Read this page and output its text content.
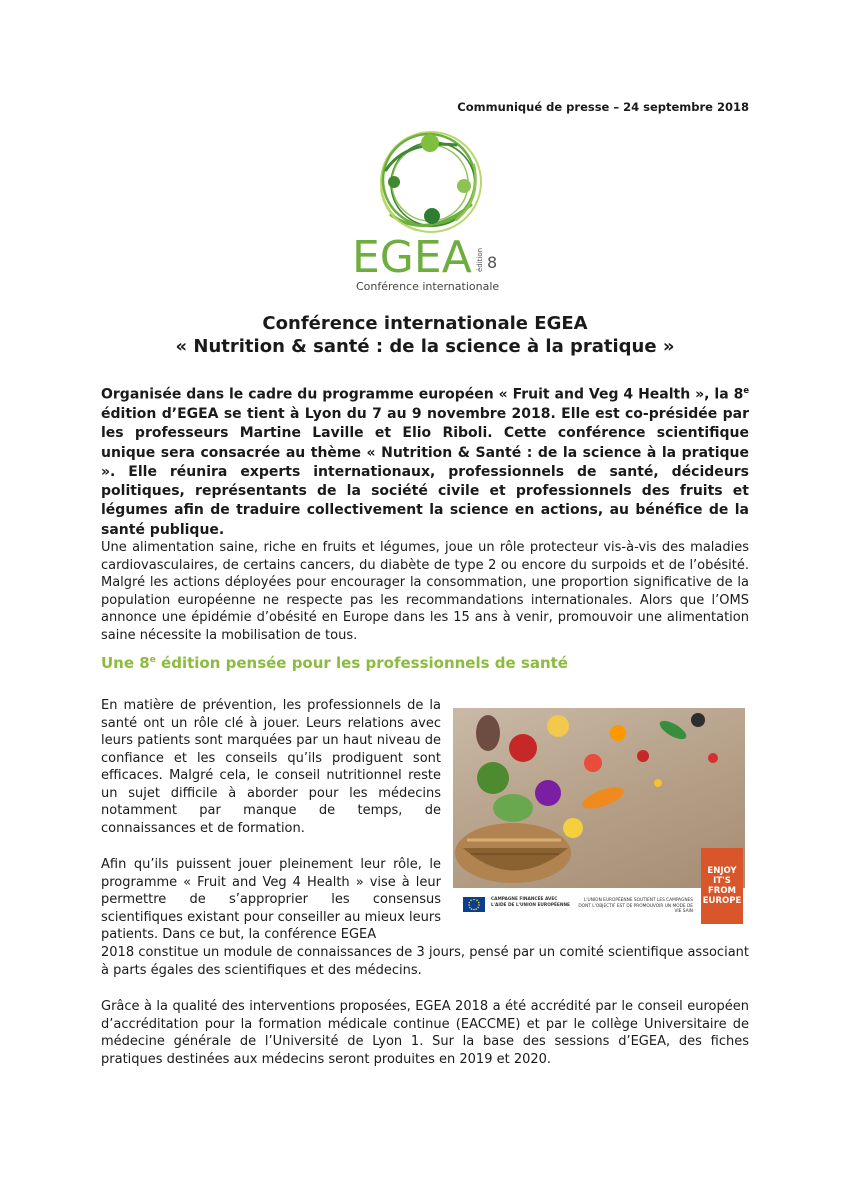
Communiqué de presse – 24 septembre 2018
EGEA 8
édition
Conférence internationale
Conférence internationale EGEA
« Nutrition & santé : de la science à la pratique »
Organisée dans le cadre du programme européen « Fruit and Veg 4 Health », la 8e édition d’EGEA se tient à Lyon du 7 au 9 novembre 2018. Elle est co-présidée par les professeurs Martine Laville et Elio Riboli. Cette conférence scientifique unique sera consacrée au thème « Nutrition & Santé : de la science à la pratique ». Elle réunira experts internationaux, professionnels de santé, décideurs politiques, représentants de la société civile et professionnels des fruits et légumes afin de traduire collectivement la science en actions, au bénéfice de la santé publique.
Une alimentation saine, riche en fruits et légumes, joue un rôle protecteur vis-à-vis des maladies cardiovasculaires, de certains cancers, du diabète de type 2 ou encore du surpoids et de l’obésité. Malgré les actions déployées pour encourager la consommation, une proportion significative de la population européenne ne respecte pas les recommandations internationales. Alors que l’OMS annonce une épidémie d’obésité en Europe dans les 15 ans à venir, promouvoir une alimentation saine nécessite la mobilisation de tous.
Une 8e édition pensée pour les professionnels de santé
En matière de prévention, les professionnels de la santé ont un rôle clé à jouer. Leurs relations avec leurs patients sont marquées par un haut niveau de confiance et les conseils qu’ils prodiguent sont efficaces. Malgré cela, le conseil nutritionnel reste un sujet difficile à aborder pour les médecins notamment par manque de temps, de connaissances et de formation.
Afin qu’ils puissent jouer pleinement leur rôle, le programme « Fruit and Veg 4 Health » vise à leur permettre de s’approprier les consensus scientifiques existant pour conseiller au mieux leurs patients. Dans ce but, la conférence EGEA
2018 constitue un module de connaissances de 3 jours, pensé par un comité scientifique associant à parts égales des scientifiques et des médecins.
Grâce à la qualité des interventions proposées, EGEA 2018 a été accrédité par le conseil européen d’accréditation pour la formation médicale continue (EACCME) et par le collège Universitaire de médecine générale de l’Université de Lyon 1. Sur la base des sessions d’EGEA, des fiches pratiques destinées aux médecins seront produites en 2019 et 2020.
ENJOY
IT'S FROM
EUROPE
CAMPAGNE FINANCÉE AVEC L'AIDE DE L'UNION EUROPÉENNE
L'UNION EUROPÉENNE SOUTIENT LES CAMPAGNES DONT L'OBJECTIF EST DE PROMOUVOIR UN MODE DE VIE SAIN
